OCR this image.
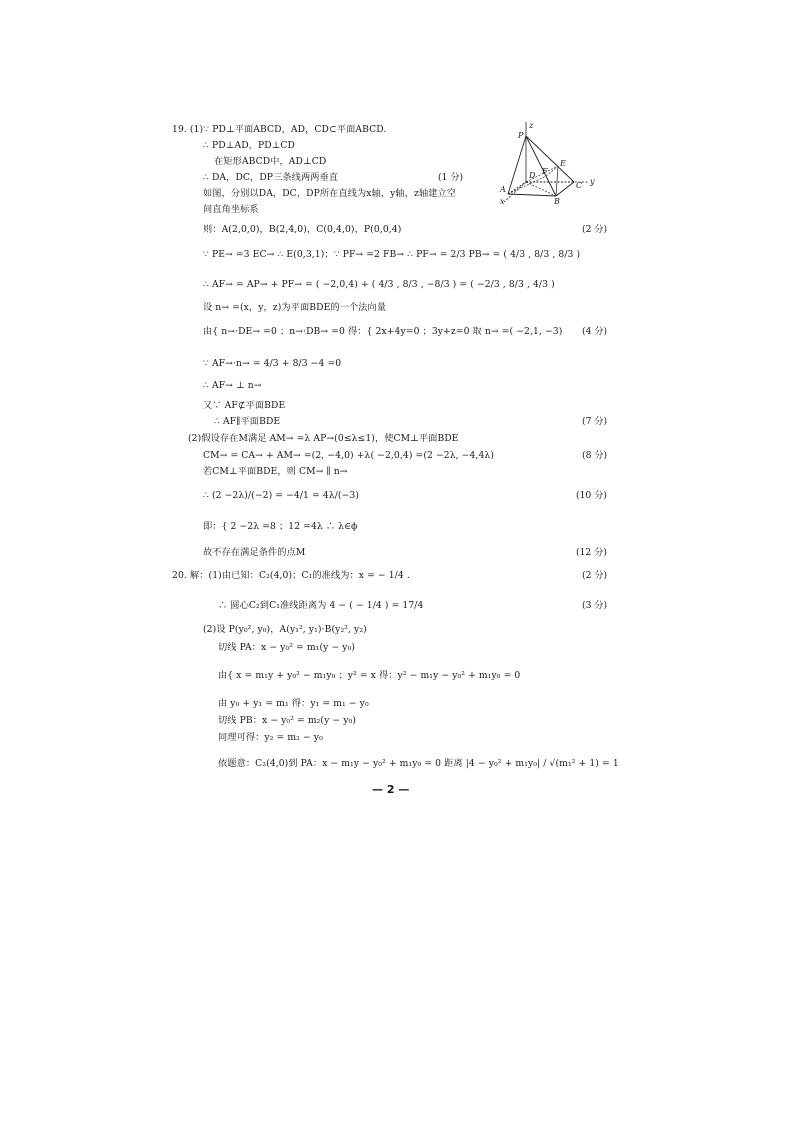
19. (1)∵ PD⊥平面ABCD，AD，CD⊂平面ABCD.
∴ PD⊥AD，PD⊥CD
在矩形ABCD中，AD⊥CD
∴ DA，DC，DP三条线两两垂直	(1 分)
如图，分别以DA，DC，DP所在直线为x轴，y轴，z轴建立空
间直角坐标系
则：A(2,0,0)，B(2,4,0)，C(0,4,0)，P(0,0,4)	(2 分)
∵ PE→ =3 EC→ ∴ E(0,3,1)；∵ PF→ =2 FB→ ∴ PF→ = 2/3 PB→ = ( 4/3 , 8/3 , 8/3 )
∴ AF→ = AP→ + PF→ = ( −2,0,4) + ( 4/3 , 8/3 , −8/3 ) = ( −2/3 , 8/3 , 4/3 )
设 n→ =(x，y，z)为平面BDE的一个法向量
由{ n→·DE→ =0 ；n→·DB→ =0 得：{ 2x+4y=0 ；3y+z=0 取 n→ =( −2,1, −3) (4 分)
∵ AF→·n→ = 4/3 + 8/3 −4 =0
∴ AF→ ⊥ n→
又∵ AF⊄平面BDE
∴ AF∥平面BDE	(7 分)
(2)假设存在M满足 AM→ =λ AP→(0≤λ≤1)，使CM⊥平面BDE
CM→ = CA→ + AM→ =(2, −4,0) +λ( −2,0,4) =(2 −2λ, −4,4λ)	(8 分)
若CM⊥平面BDE，则 CM→ ∥ n→
∴ (2 −2λ)/(−2) = −4/1 = 4λ/(−3)	(10 分)
即：{ 2 −2λ =8 ；12 =4λ ∴ λ∈ϕ
故不存在满足条件的点M	(12 分)
20. 解：(1)由已知：C₂(4,0)；C₁的准线为：x = − 1/4 .	(2 分)
∴ 圆心C₂到C₁准线距离为 4 − ( − 1/4 ) = 17/4	(3 分)
(2)设 P(y₀², y₀)，A(y₁², y₁)·B(y₂², y₂)
切线 PA：x − y₀² = m₁(y − y₀)
由{ x = m₁y + y₀² − m₁y₀ ；y² = x 得：y² − m₁y − y₀² + m₁y₀ = 0
由 y₀ + y₁ = m₁ 得：y₁ = m₁ − y₀
切线 PB：x − y₀² = m₂(y − y₀)
同理可得：y₂ = m₂ − y₀
依题意：C₂(4,0)到 PA：x − m₁y − y₀² + m₁y₀ = 0 距离 |4 − y₀² + m₁y₀| / √(m₁² + 1) = 1
P
z
D
E
F
A
B
C
x
y
— 2 —
